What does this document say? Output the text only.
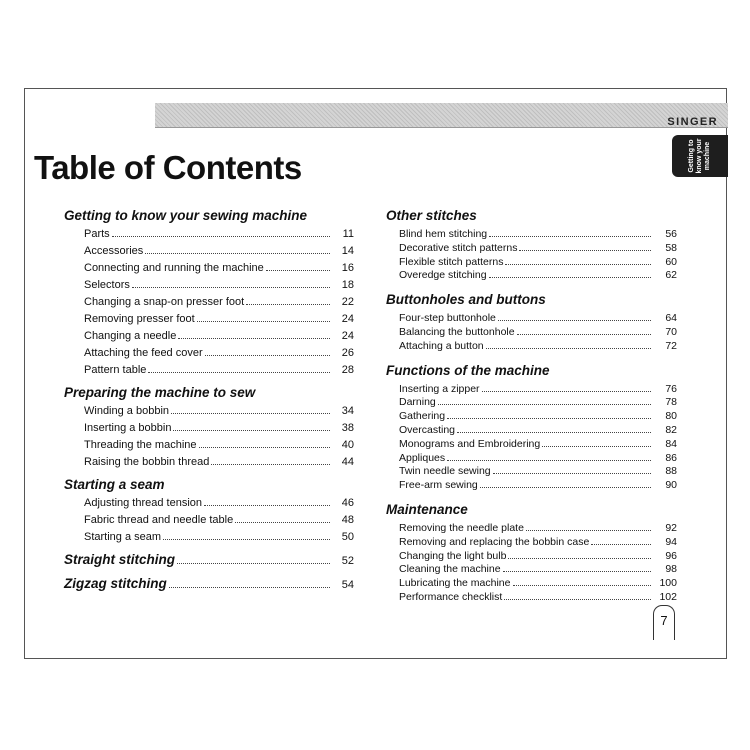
SINGER
Getting to know your machine
Table of Contents
Getting to know your sewing machine
Parts	11
Accessories	14
Connecting and running the machine	16
Selectors	18
Changing a snap-on presser foot	22
Removing presser foot	24
Changing a needle	24
Attaching the feed cover	26
Pattern table	28
Preparing the machine to sew
Winding a bobbin	34
Inserting a bobbin	38
Threading the machine	40
Raising the bobbin thread	44
Starting a seam
Adjusting thread tension	46
Fabric thread and needle table	48
Starting a seam	50
Straight stitching	52
Zigzag stitching	54
Other stitches
Blind hem stitching	56
Decorative stitch patterns	58
Flexible stitch patterns	60
Overedge stitching	62
Buttonholes and buttons
Four-step buttonhole	64
Balancing the buttonhole	70
Attaching a button	72
Functions of the machine
Inserting a zipper	76
Darning	78
Gathering	80
Overcasting	82
Monograms and Embroidering	84
Appliques	86
Twin needle sewing	88
Free-arm sewing	90
Maintenance
Removing the needle plate	92
Removing and replacing the bobbin case	94
Changing the light bulb	96
Cleaning the machine	98
Lubricating the machine	100
Performance checklist	102
7
